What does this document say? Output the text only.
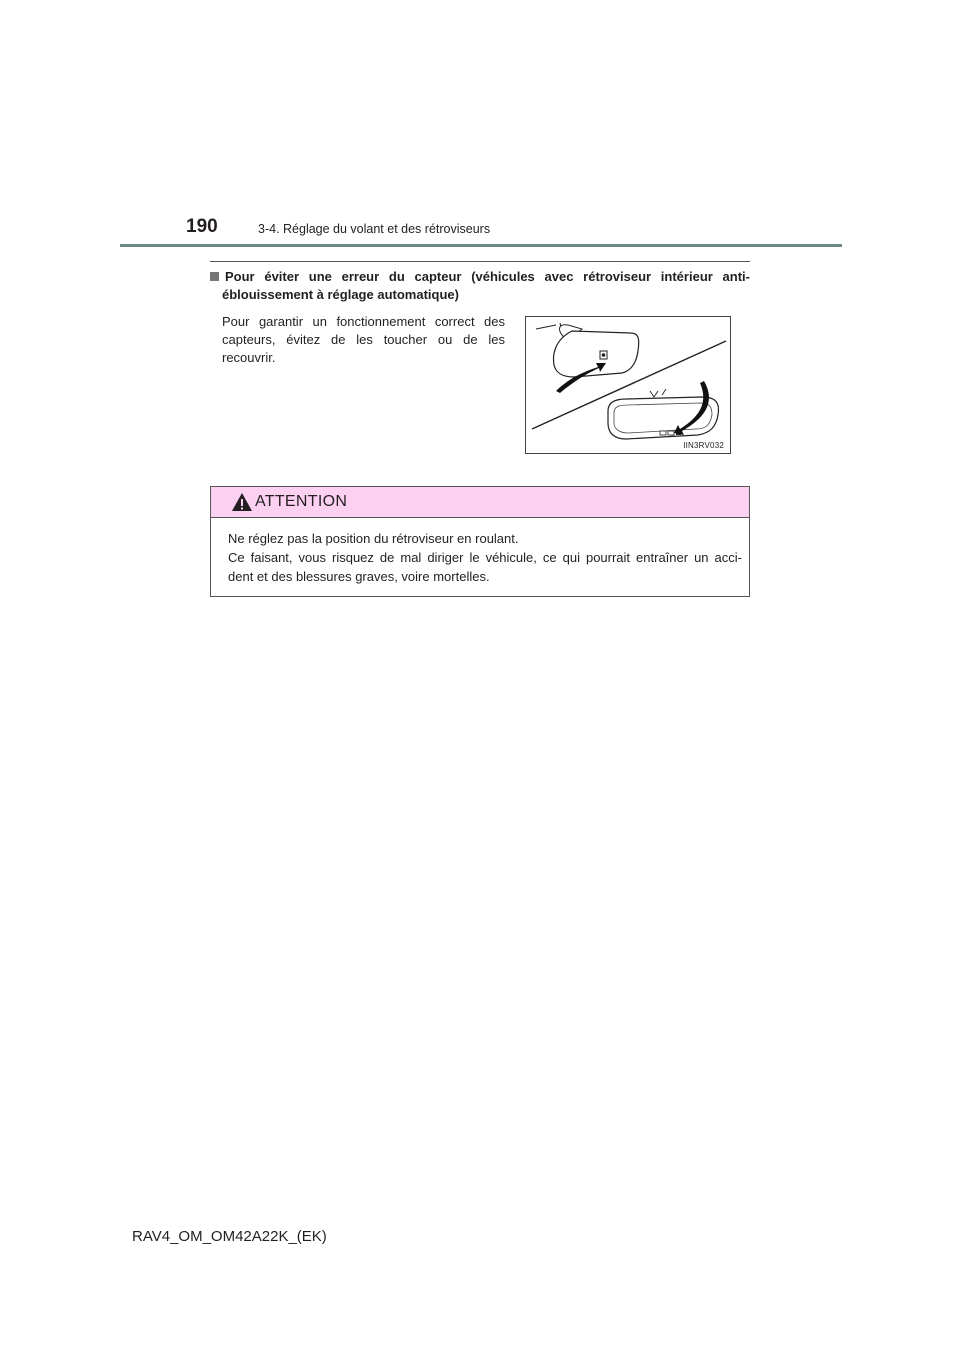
190	3-4. Réglage du volant et des rétroviseurs
Pour éviter une erreur du capteur (véhicules avec rétroviseur intérieur anti-
éblouissement à réglage automatique)
Pour garantir un fonctionnement correct des
capteurs, évitez de les toucher ou de les
recouvrir.
IIN3RV032
ATTENTION
Ne réglez pas la position du rétroviseur en roulant.
Ce faisant, vous risquez de mal diriger le véhicule, ce qui pourrait entraîner un acci-
dent et des blessures graves, voire mortelles.
RAV4_OM_OM42A22K_(EK)
